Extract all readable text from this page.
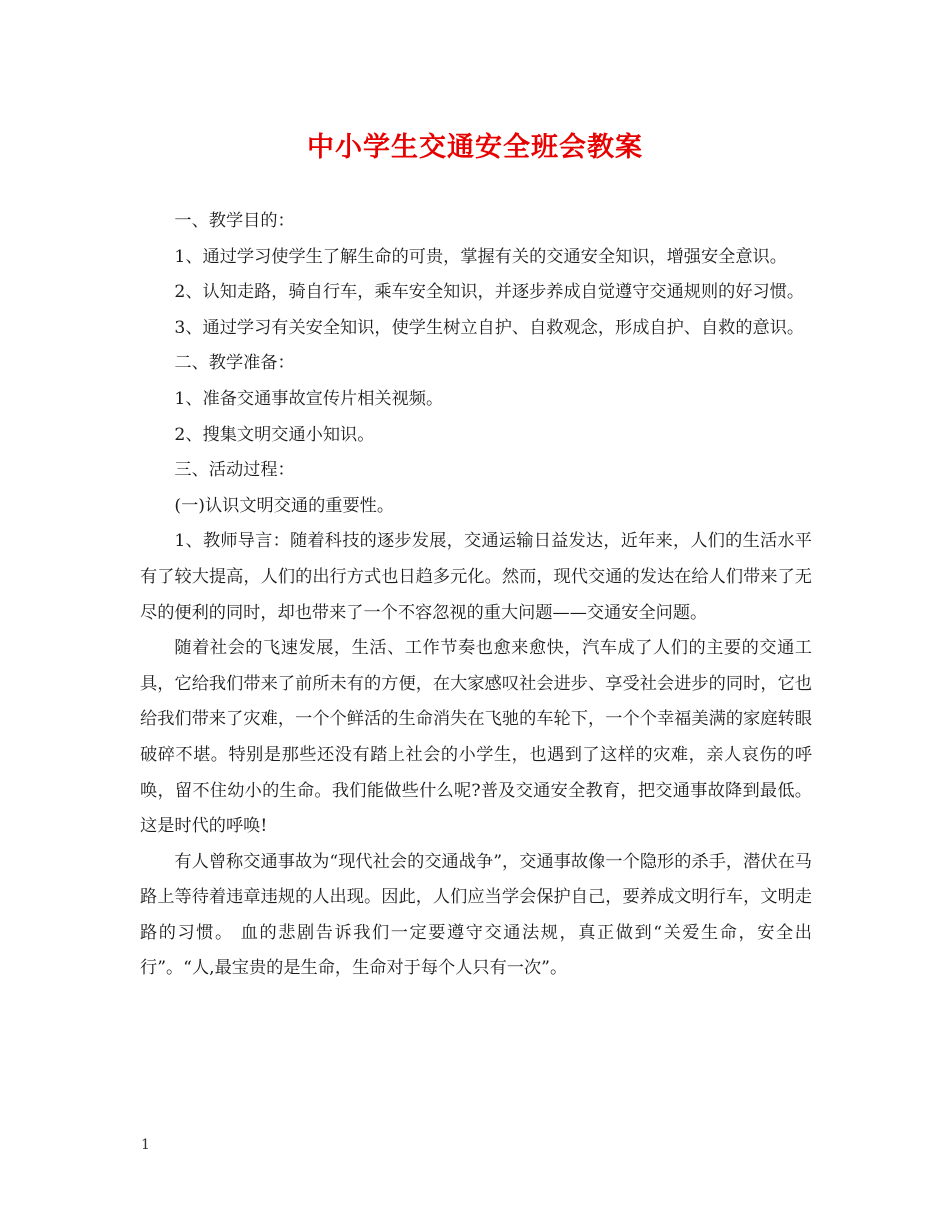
中小学生交通安全班会教案

一、教学目的：

1、通过学习使学生了解生命的可贵，掌握有关的交通安全知识，增强安全意识。

2、认知走路，骑自行车，乘车安全知识，并逐步养成自觉遵守交通规则的好习惯。

3、通过学习有关安全知识，使学生树立自护、自救观念，形成自护、自救的意识。

二、教学准备：

1、准备交通事故宣传片相关视频。

2、搜集文明交通小知识。

三、活动过程：

(一)认识文明交通的重要性。

1、教师导言：随着科技的逐步发展，交通运输日益发达，近年来，人们的生活水平有了较大提高，人们的出行方式也日趋多元化。然而，现代交通的发达在给人们带来了无尽的便利的同时，却也带来了一个不容忽视的重大问题——交通安全问题。

随着社会的飞速发展，生活、工作节奏也愈来愈快，汽车成了人们的主要的交通工具，它给我们带来了前所未有的方便，在大家感叹社会进步、享受社会进步的同时，它也给我们带来了灾难，一个个鲜活的生命消失在飞驰的车轮下，一个个幸福美满的家庭转眼破碎不堪。特别是那些还没有踏上社会的小学生，也遇到了这样的灾难，亲人哀伤的呼唤，留不住幼小的生命。我们能做些什么呢?普及交通安全教育，把交通事故降到最低。这是时代的呼唤!

有人曾称交通事故为“现代社会的交通战争”，交通事故像一个隐形的杀手，潜伏在马路上等待着违章违规的人出现。因此，人们应当学会保护自己，要养成文明行车，文明走路的习惯。 血的悲剧告诉我们一定要遵守交通法规，真正做到“关爱生命，安全出行”。“人,最宝贵的是生命，生命对于每个人只有一次”。

1
